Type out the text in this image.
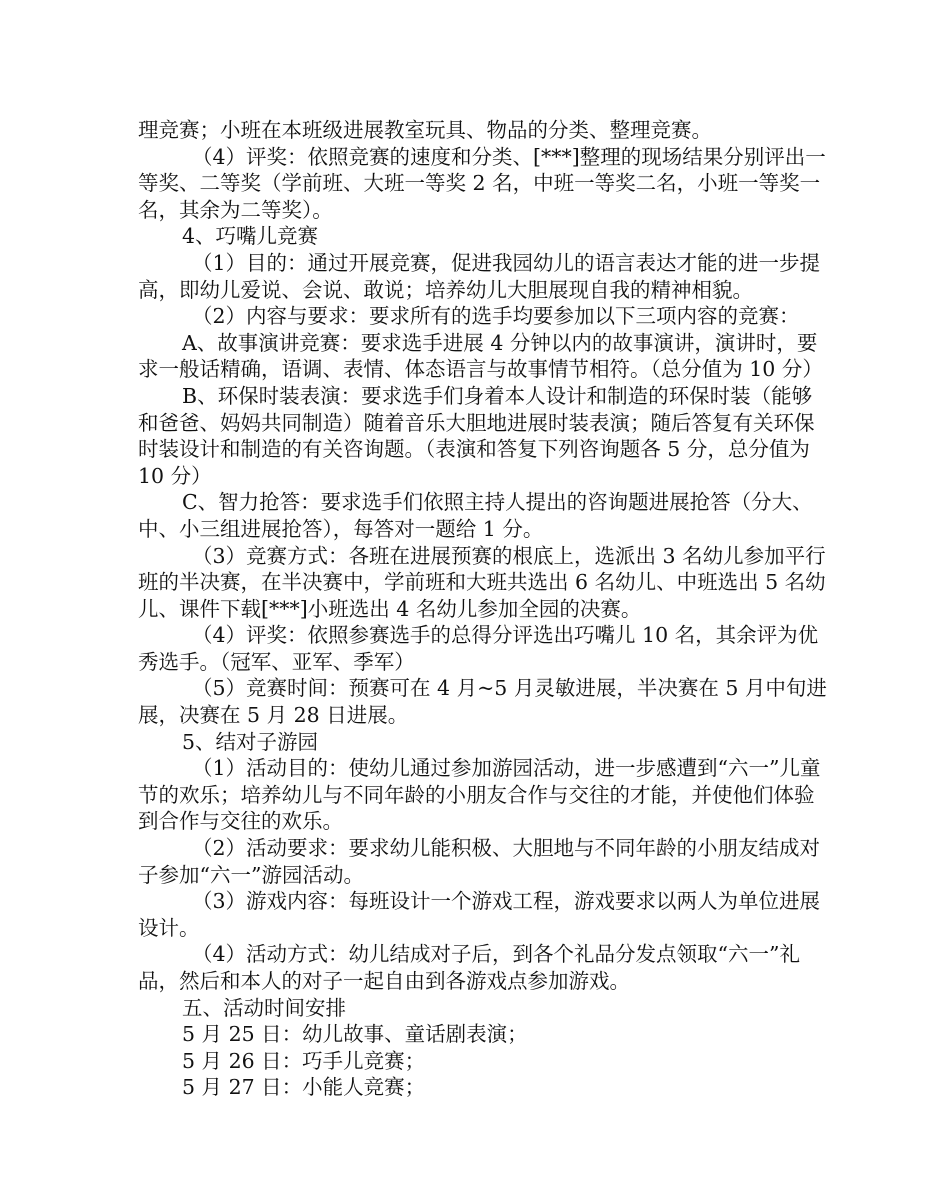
理竞赛；小班在本班级进展教室玩具、物品的分类、整理竞赛。

（4）评奖：依照竞赛的速度和分类、[***]整理的现场结果分别评出一等奖、二等奖（学前班、大班一等奖 2 名，中班一等奖二名，小班一等奖一名，其余为二等奖）。

4、巧嘴儿竞赛

（1）目的：通过开展竞赛，促进我园幼儿的语言表达才能的进一步提高，即幼儿爱说、会说、敢说；培养幼儿大胆展现自我的精神相貌。

（2）内容与要求：要求所有的选手均要参加以下三项内容的竞赛：

A、故事演讲竞赛：要求选手进展 4 分钟以内的故事演讲，演讲时，要求一般话精确，语调、表情、体态语言与故事情节相符。（总分值为 10 分）

B、环保时装表演：要求选手们身着本人设计和制造的环保时装（能够和爸爸、妈妈共同制造）随着音乐大胆地进展时装表演；随后答复有关环保时装设计和制造的有关咨询题。（表演和答复下列咨询题各 5 分，总分值为 10 分）

C、智力抢答：要求选手们依照主持人提出的咨询题进展抢答（分大、中、小三组进展抢答），每答对一题给 1 分。

（3）竞赛方式：各班在进展预赛的根底上，选派出 3 名幼儿参加平行班的半决赛，在半决赛中，学前班和大班共选出 6 名幼儿、中班选出 5 名幼儿、课件下载[***]小班选出 4 名幼儿参加全园的决赛。

（4）评奖：依照参赛选手的总得分评选出巧嘴儿 10 名，其余评为优秀选手。（冠军、亚军、季军）

（5）竞赛时间：预赛可在 4 月~5 月灵敏进展，半决赛在 5 月中旬进展，决赛在 5 月 28 日进展。

5、结对子游园

（1）活动目的：使幼儿通过参加游园活动，进一步感遭到“六一”儿童节的欢乐；培养幼儿与不同年龄的小朋友合作与交往的才能，并使他们体验到合作与交往的欢乐。

（2）活动要求：要求幼儿能积极、大胆地与不同年龄的小朋友结成对子参加“六一”游园活动。

（3）游戏内容：每班设计一个游戏工程，游戏要求以两人为单位进展设计。

（4）活动方式：幼儿结成对子后，到各个礼品分发点领取“六一”礼品，然后和本人的对子一起自由到各游戏点参加游戏。

五、活动时间安排

5 月 25 日：幼儿故事、童话剧表演；

5 月 26 日：巧手儿竞赛；

5 月 27 日：小能人竞赛；
